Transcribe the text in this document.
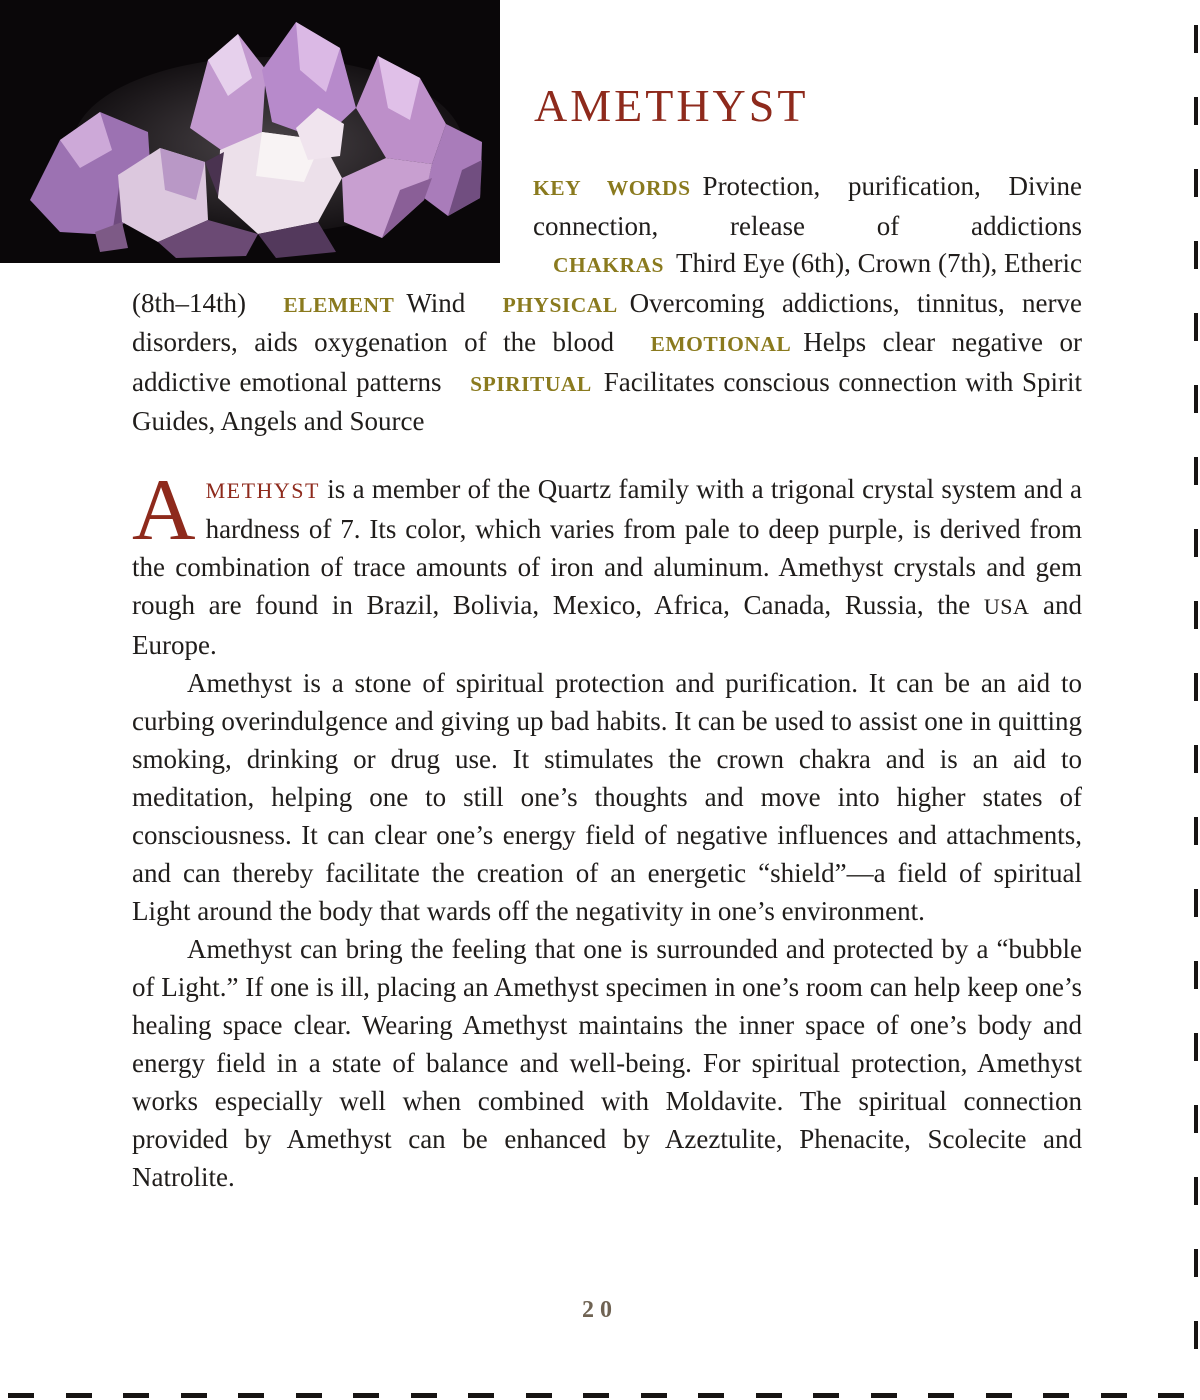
AMETHYST

KEY WORDS Protection, purification, Divine connection, release of addictions CHAKRAS Third Eye (6th), Crown (7th), Etheric (8th–14th) ELEMENT Wind PHYSICAL Overcoming addictions, tinnitus, nerve disorders, aids oxygenation of the blood EMOTIONAL Helps clear negative or addictive emotional patterns SPIRITUAL Facilitates conscious connection with Spirit Guides, Angels and Source

AMETHYST is a member of the Quartz family with a trigonal crystal system and a hardness of 7. Its color, which varies from pale to deep purple, is derived from the combination of trace amounts of iron and aluminum. Amethyst crystals and gem rough are found in Brazil, Bolivia, Mexico, Africa, Canada, Russia, the USA and Europe.

Amethyst is a stone of spiritual protection and purification. It can be an aid to curbing overindulgence and giving up bad habits. It can be used to assist one in quitting smoking, drinking or drug use. It stimulates the crown chakra and is an aid to meditation, helping one to still one’s thoughts and move into higher states of consciousness. It can clear one’s energy field of negative influences and attachments, and can thereby facilitate the creation of an energetic “shield”—a field of spiritual Light around the body that wards off the negativity in one’s environment.

Amethyst can bring the feeling that one is surrounded and protected by a “bubble of Light.” If one is ill, placing an Amethyst specimen in one’s room can help keep one’s healing space clear. Wearing Amethyst maintains the inner space of one’s body and energy field in a state of balance and well-being. For spiritual protection, Amethyst works especially well when combined with Moldavite. The spiritual connection provided by Amethyst can be enhanced by Azeztulite, Phenacite, Scolecite and Natrolite.

20
